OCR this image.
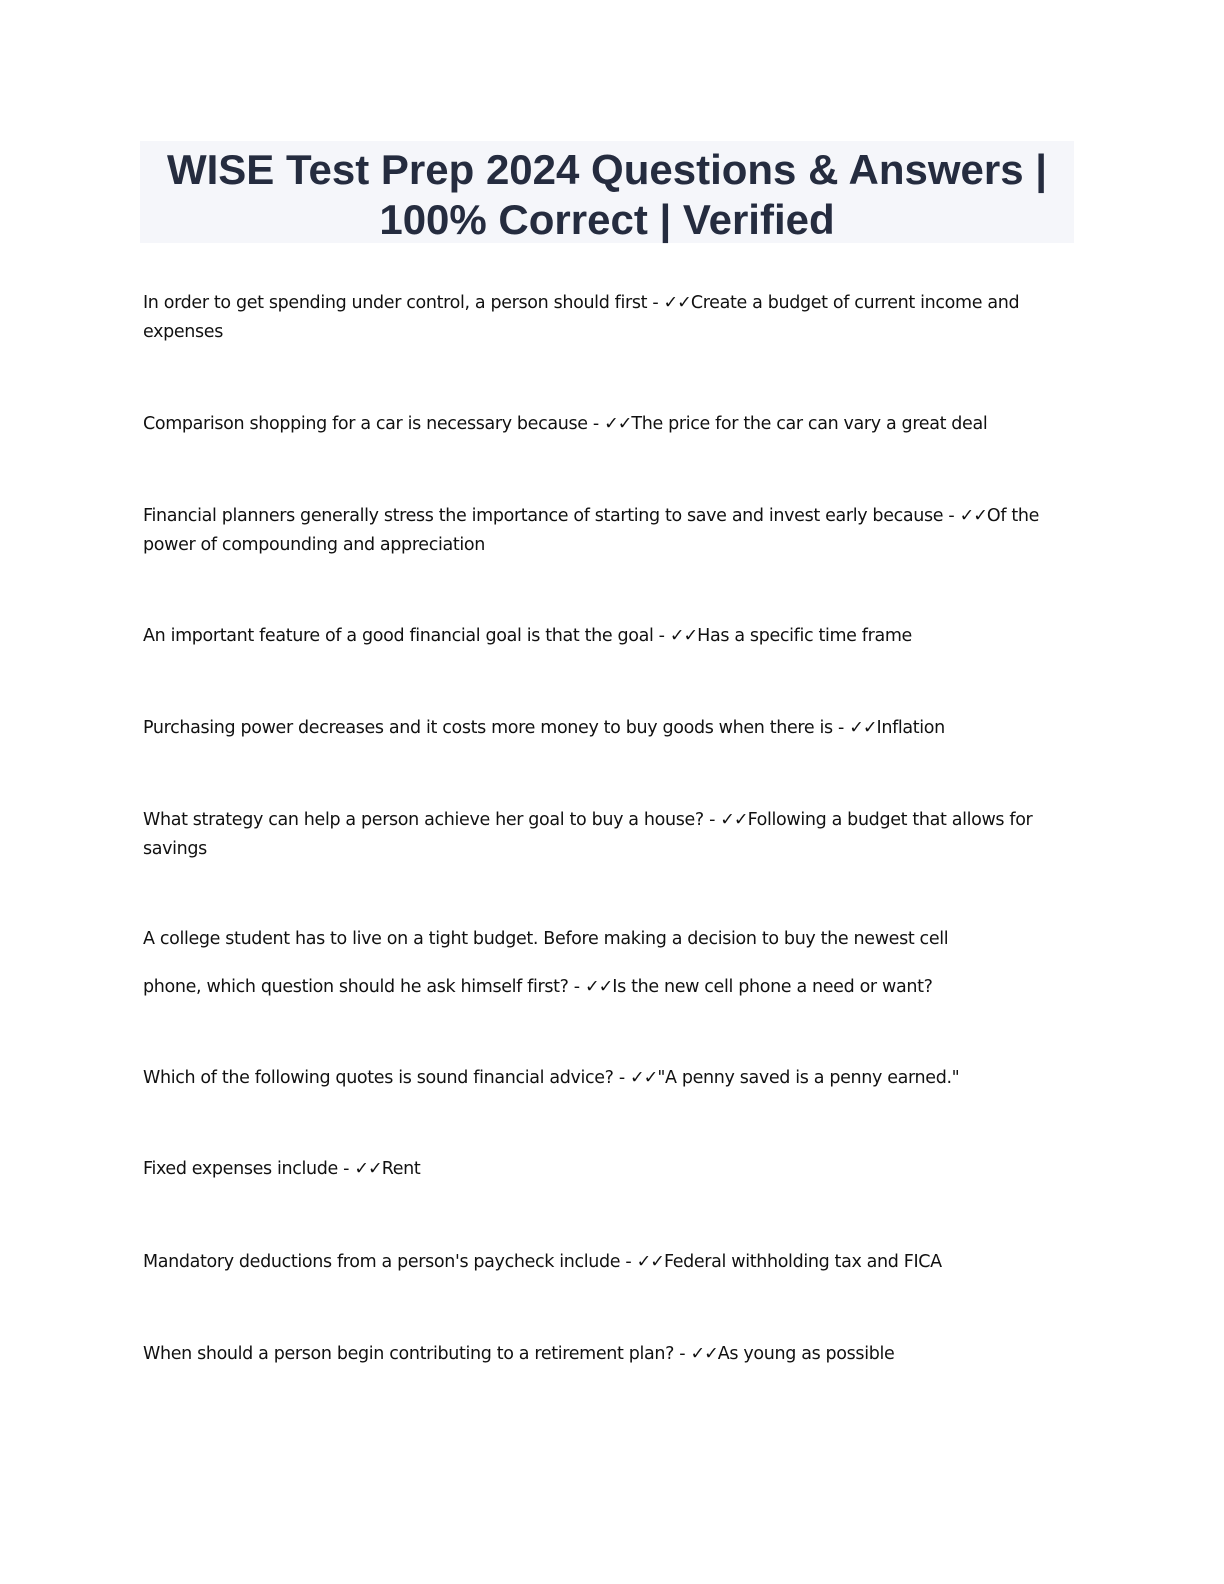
WISE Test Prep 2024 Questions & Answers |
100% Correct | Verified
In order to get spending under control, a person should first - ✓✓Create a budget of current income and expenses
Comparison shopping for a car is necessary because - ✓✓The price for the car can vary a great deal
Financial planners generally stress the importance of starting to save and invest early because - ✓✓Of the power of compounding and appreciation
An important feature of a good financial goal is that the goal - ✓✓Has a specific time frame
Purchasing power decreases and it costs more money to buy goods when there is - ✓✓Inflation
What strategy can help a person achieve her goal to buy a house? - ✓✓Following a budget that allows for savings
A college student has to live on a tight budget. Before making a decision to buy the newest cell phone, which question should he ask himself first? - ✓✓Is the new cell phone a need or want?
Which of the following quotes is sound financial advice? - ✓✓"A penny saved is a penny earned."
Fixed expenses include - ✓✓Rent
Mandatory deductions from a person's paycheck include - ✓✓Federal withholding tax and FICA
When should a person begin contributing to a retirement plan? - ✓✓As young as possible
